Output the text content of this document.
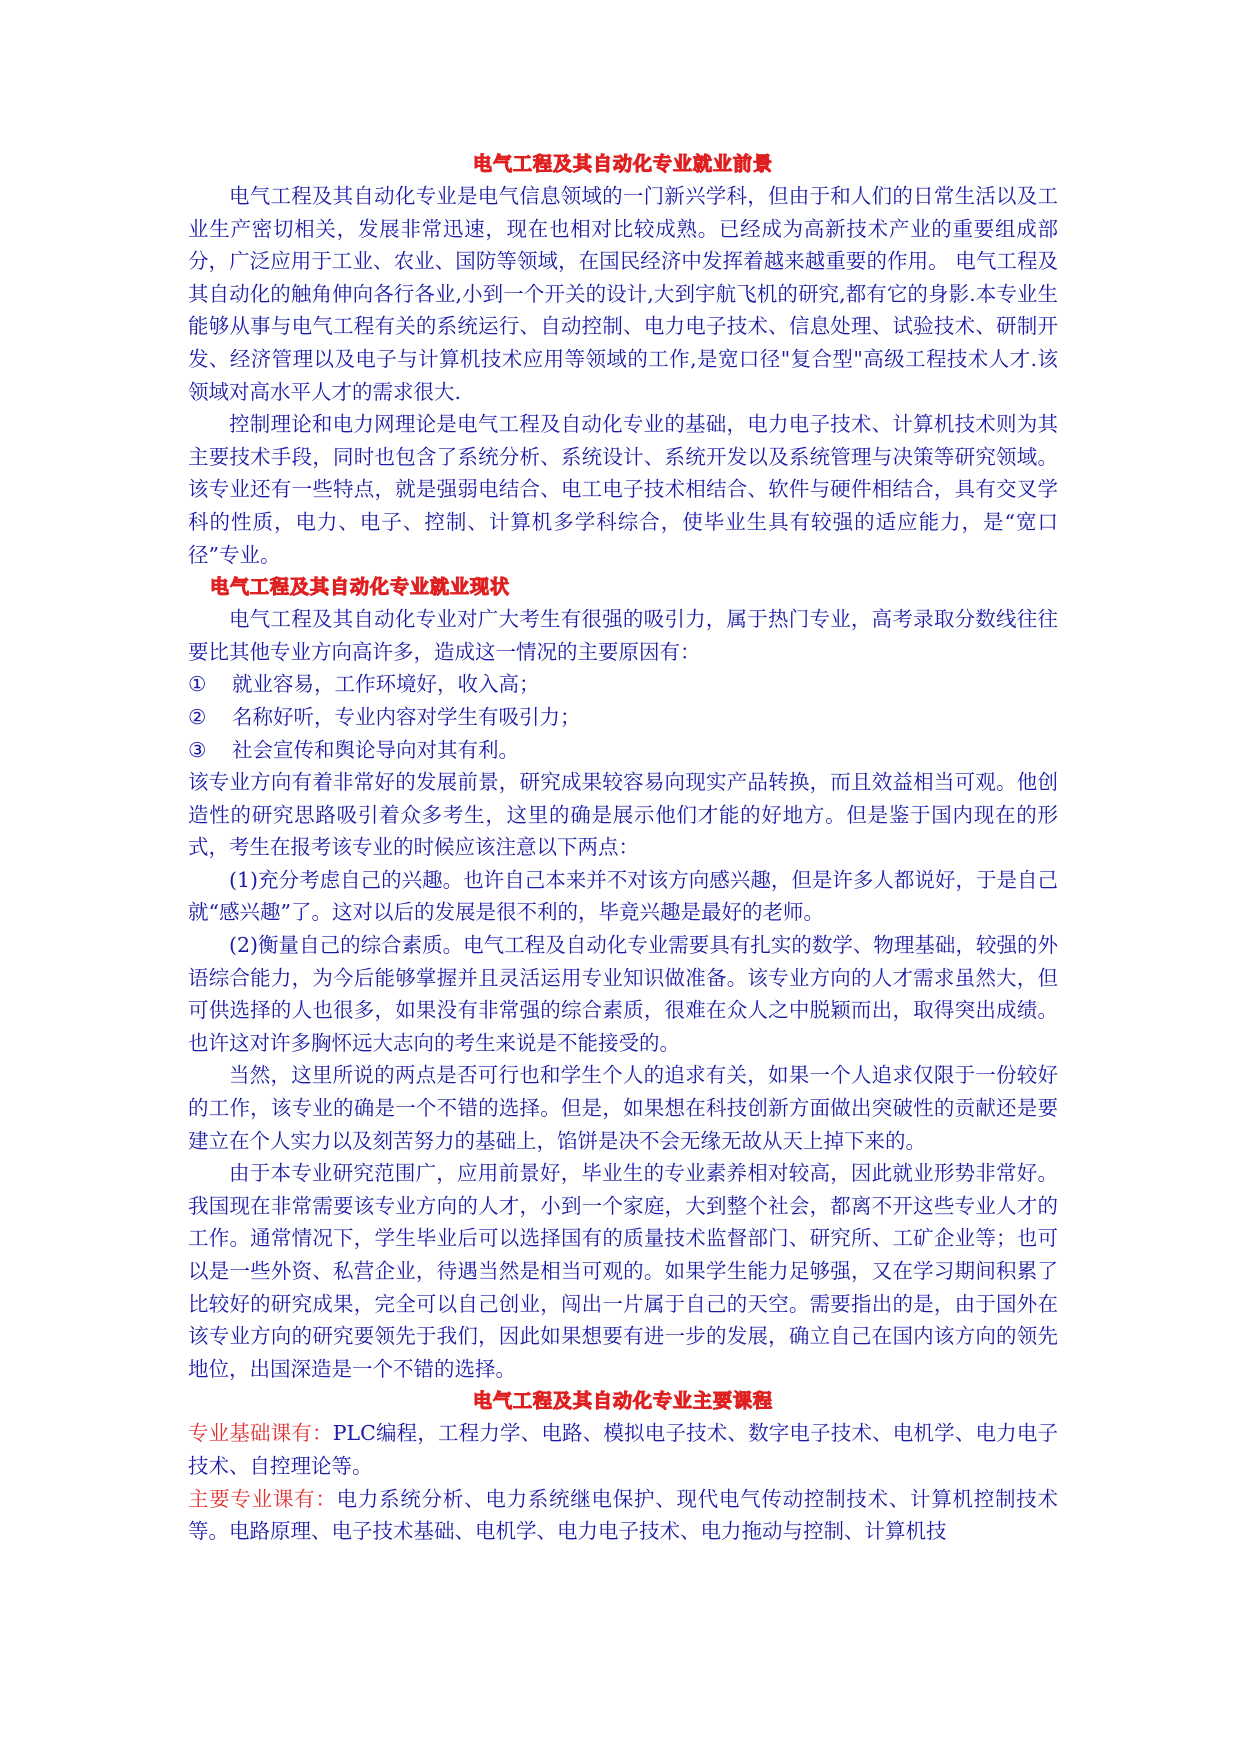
电气工程及其自动化专业就业前景

电气工程及其自动化专业是电气信息领域的一门新兴学科，但由于和人们的日常生活以及工业生产密切相关，发展非常迅速，现在也相对比较成熟。已经成为高新技术产业的重要组成部分，广泛应用于工业、农业、国防等领域，在国民经济中发挥着越来越重要的作用。 电气工程及其自动化的触角伸向各行各业,小到一个开关的设计,大到宇航飞机的研究,都有它的身影.本专业生能够从事与电气工程有关的系统运行、自动控制、电力电子技术、信息处理、试验技术、研制开发、经济管理以及电子与计算机技术应用等领域的工作,是宽口径"复合型"高级工程技术人才.该领域对高水平人才的需求很大.

控制理论和电力网理论是电气工程及自动化专业的基础，电力电子技术、计算机技术则为其主要技术手段，同时也包含了系统分析、系统设计、系统开发以及系统管理与决策等研究领域。该专业还有一些特点，就是强弱电结合、电工电子技术相结合、软件与硬件相结合，具有交叉学科的性质，电力、电子、控制、计算机多学科综合，使毕业生具有较强的适应能力，是“宽口径”专业。

电气工程及其自动化专业就业现状

电气工程及其自动化专业对广大考生有很强的吸引力，属于热门专业，高考录取分数线往往要比其他专业方向高许多，造成这一情况的主要原因有：

① 就业容易，工作环境好，收入高；

② 名称好听，专业内容对学生有吸引力；

③ 社会宣传和舆论导向对其有利。

该专业方向有着非常好的发展前景，研究成果较容易向现实产品转换，而且效益相当可观。他创造性的研究思路吸引着众多考生，这里的确是展示他们才能的好地方。但是鉴于国内现在的形式，考生在报考该专业的时候应该注意以下两点：

(1)充分考虑自己的兴趣。也许自己本来并不对该方向感兴趣，但是许多人都说好，于是自己就“感兴趣”了。这对以后的发展是很不利的，毕竟兴趣是最好的老师。

(2)衡量自己的综合素质。电气工程及自动化专业需要具有扎实的数学、物理基础，较强的外语综合能力，为今后能够掌握并且灵活运用专业知识做准备。该专业方向的人才需求虽然大，但可供选择的人也很多，如果没有非常强的综合素质，很难在众人之中脱颖而出，取得突出成绩。也许这对许多胸怀远大志向的考生来说是不能接受的。

当然，这里所说的两点是否可行也和学生个人的追求有关，如果一个人追求仅限于一份较好的工作，该专业的确是一个不错的选择。但是，如果想在科技创新方面做出突破性的贡献还是要建立在个人实力以及刻苦努力的基础上，馅饼是决不会无缘无故从天上掉下来的。

由于本专业研究范围广，应用前景好，毕业生的专业素养相对较高，因此就业形势非常好。我国现在非常需要该专业方向的人才，小到一个家庭，大到整个社会，都离不开这些专业人才的工作。通常情况下，学生毕业后可以选择国有的质量技术监督部门、研究所、工矿企业等；也可以是一些外资、私营企业，待遇当然是相当可观的。如果学生能力足够强，又在学习期间积累了比较好的研究成果，完全可以自己创业，闯出一片属于自己的天空。需要指出的是，由于国外在该专业方向的研究要领先于我们，因此如果想要有进一步的发展，确立自己在国内该方向的领先地位，出国深造是一个不错的选择。

电气工程及其自动化专业主要课程

专业基础课有：PLC编程，工程力学、电路、模拟电子技术、数字电子技术、电机学、电力电子技术、自控理论等。

主要专业课有：电力系统分析、电力系统继电保护、现代电气传动控制技术、计算机控制技术等。电路原理、电子技术基础、电机学、电力电子技术、电力拖动与控制、计算机技
